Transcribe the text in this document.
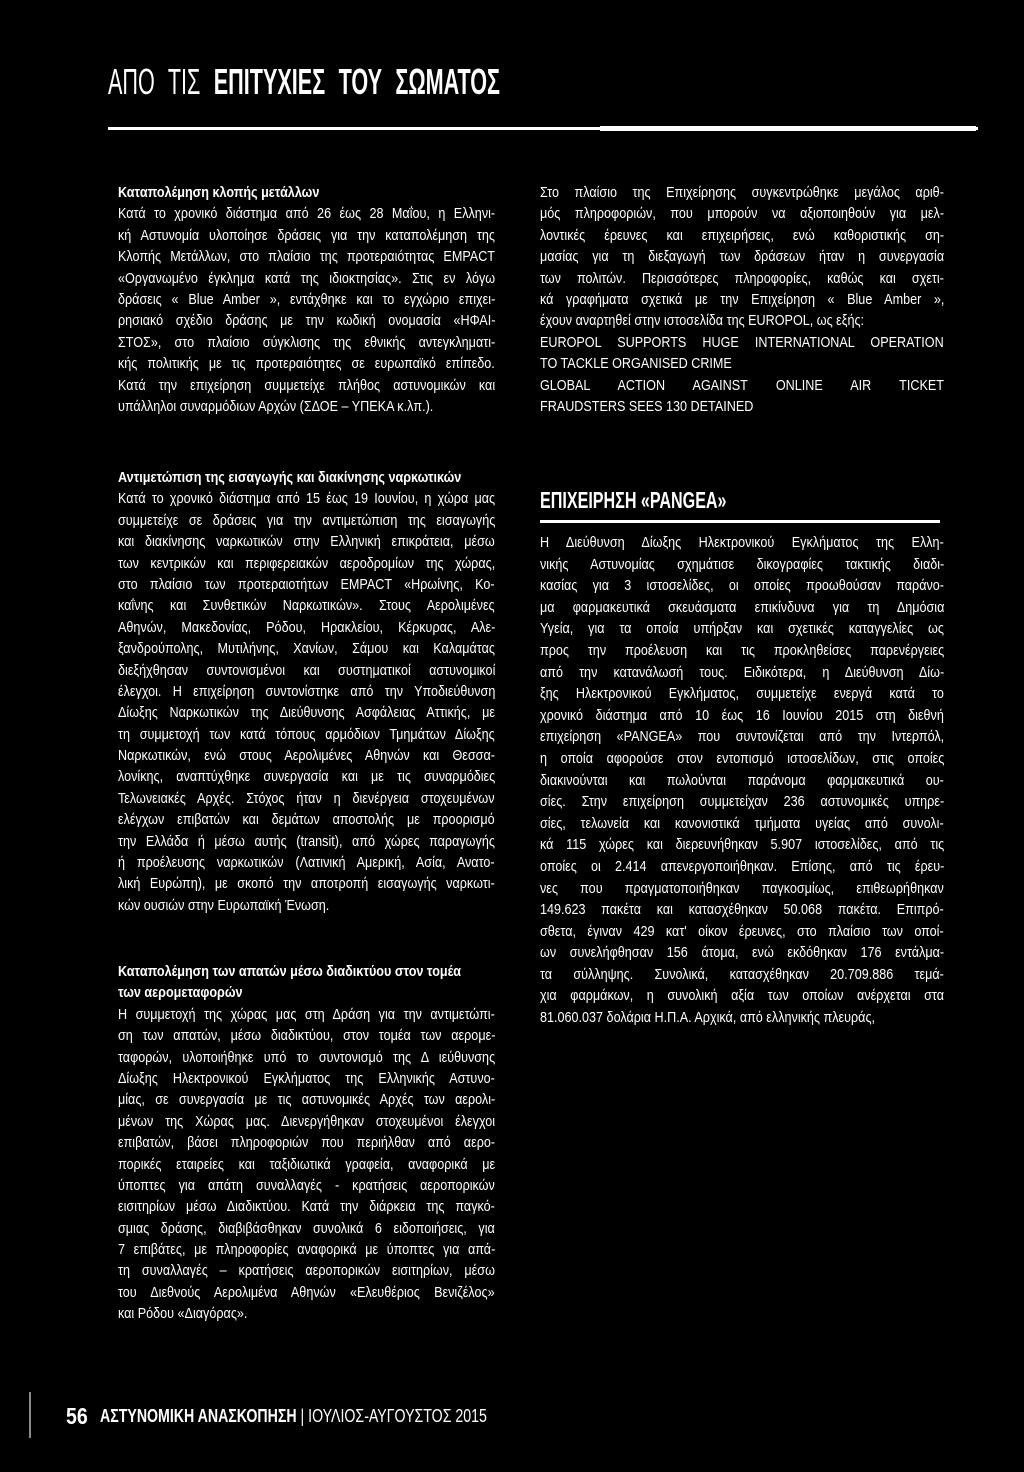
ΑΠΟ ΤΙΣ ΕΠΙΤΥΧΙΕΣ ΤΟΥ ΣΩΜΑΤΟΣ
Καταπολέμηση κλοπής μετάλλων
Κατά το χρονικό διάστημα από 26 έως 28 Μαΐου, η Ελληνι-
κή Αστυνομία υλοποίησε δράσεις για την καταπολέμηση της
Κλοπής Μετάλλων, στο πλαίσιο της προτεραιότητας EMPACT
«Οργανωμένο έγκλημα κατά της ιδιοκτησίας». Στις εν λόγω
δράσεις « Blue Amber », εντάχθηκε και το εγχώριο επιχει-
ρησιακό σχέδιο δράσης με την κωδική ονομασία «ΗΦΑΙ-
ΣΤΟΣ», στο πλαίσιο σύγκλισης της εθνικής αντεγκληματι-
κής πολιτικής με τις προτεραιότητες σε ευρωπαϊκό επίπεδο.
Κατά την επιχείρηση συμμετείχε πλήθος αστυνομικών και
υπάλληλοι συναρμόδιων Αρχών (ΣΔΟΕ – ΥΠΕΚΑ κ.λπ.).
Αντιμετώπιση της εισαγωγής και διακίνησης ναρκωτικών
Κατά το χρονικό διάστημα από 15 έως 19 Ιουνίου, η χώρα μας
συμμετείχε σε δράσεις για την αντιμετώπιση της εισαγωγής
και διακίνησης ναρκωτικών στην Ελληνική επικράτεια, μέσω
των κεντρικών και περιφερειακών αεροδρομίων της χώρας,
στο πλαίσιο των προτεραιοτήτων EMPACT «Ηρωίνης, Κο-
καΐνης και Συνθετικών Ναρκωτικών». Στους Αερολιμένες
Αθηνών, Μακεδονίας, Ρόδου, Ηρακλείου, Κέρκυρας, Αλε-
ξανδρούπολης, Μυτιλήνης, Χανίων, Σάμου και Καλαμάτας
διεξήχθησαν συντονισμένοι και συστηματικοί αστυνομικοί
έλεγχοι. Η επιχείρηση συντονίστηκε από την Υποδιεύθυνση
Δίωξης Ναρκωτικών της Διεύθυνσης Ασφάλειας Αττικής, με
τη συμμετοχή των κατά τόπους αρμόδιων Τμημάτων Δίωξης
Ναρκωτικών, ενώ στους Αερολιμένες Αθηνών και Θεσσα-
λονίκης, αναπτύχθηκε συνεργασία και με τις συναρμόδιες
Τελωνειακές Αρχές. Στόχος ήταν η διενέργεια στοχευμένων
ελέγχων επιβατών και δεμάτων αποστολής με προορισμό
την Ελλάδα ή μέσω αυτής (transit), από χώρες παραγωγής
ή προέλευσης ναρκωτικών (Λατινική Αμερική, Ασία, Ανατο-
λική Ευρώπη), με σκοπό την αποτροπή εισαγωγής ναρκωτι-
κών ουσιών στην Ευρωπαϊκή Ένωση.
Καταπολέμηση των απατών μέσω διαδικτύου στον τομέα
των αερομεταφορών
Η συμμετοχή της χώρας μας στη Δράση για την αντιμετώπι-
ση των απατών, μέσω διαδικτύου, στον τομέα των αερομε-
ταφορών, υλοποιήθηκε υπό το συντονισμό της Δ ιεύθυνσης
Δίωξης Ηλεκτρονικού Εγκλήματος της Ελληνικής Αστυνο-
μίας, σε συνεργασία με τις αστυνομικές Αρχές των αερολι-
μένων της Χώρας μας. Διενεργήθηκαν στοχευμένοι έλεγχοι
επιβατών, βάσει πληροφοριών που περιήλθαν από αερο-
πορικές εταιρείες και ταξιδιωτικά γραφεία, αναφορικά με
ύποπτες για απάτη συναλλαγές - κρατήσεις αεροπορικών
εισιτηρίων μέσω Διαδικτύου. Κατά την διάρκεια της παγκό-
σμιας δράσης, διαβιβάσθηκαν συνολικά 6 ειδοποιήσεις, για
7 επιβάτες, με πληροφορίες αναφορικά με ύποπτες για απά-
τη συναλλαγές – κρατήσεις αεροπορικών εισιτηρίων, μέσω
του Διεθνούς Αερολιμένα Αθηνών «Ελευθέριος Βενιζέλος»
και Ρόδου «Διαγόρας».
Στο πλαίσιο της Επιχείρησης συγκεντρώθηκε μεγάλος αριθ-
μός πληροφοριών, που μπορούν να αξιοποιηθούν για μελ-
λοντικές έρευνες και επιχειρήσεις, ενώ καθοριστικής ση-
μασίας για τη διεξαγωγή των δράσεων ήταν η συνεργασία
των πολιτών. Περισσότερες πληροφορίες, καθώς και σχετι-
κά γραφήματα σχετικά με την Επιχείρηση « Blue Amber »,
έχουν αναρτηθεί στην ιστοσελίδα της EUROPOL, ως εξής:
EUROPOL SUPPORTS HUGE INTERNATIONAL OPERATION
TO TACKLE ORGANISED CRIME
GLOBAL ACTION AGAINST ONLINE AIR TICKET
FRAUDSTERS SEES 130 DETAINED
ΕΠΙΧΕΙΡΗΣΗ «PANGEA»
Η Διεύθυνση Δίωξης Ηλεκτρονικού Εγκλήματος της Ελλη-
νικής Αστυνομίας σχημάτισε δικογραφίες τακτικής διαδι-
κασίας για 3 ιστοσελίδες, οι οποίες προωθούσαν παράνο-
μα φαρμακευτικά σκευάσματα επικίνδυνα για τη Δημόσια
Υγεία, για τα οποία υπήρξαν και σχετικές καταγγελίες ως
προς την προέλευση και τις προκληθείσες παρενέργειες
από την κατανάλωσή τους. Ειδικότερα, η Διεύθυνση Δίω-
ξης Ηλεκτρονικού Εγκλήματος, συμμετείχε ενεργά κατά το
χρονικό διάστημα από 10 έως 16 Ιουνίου 2015 στη διεθνή
επιχείρηση «PANGEA» που συντονίζεται από την Ιντερπόλ,
η οποία αφορούσε στον εντοπισμό ιστοσελίδων, στις οποίες
διακινούνται και πωλούνται παράνομα φαρμακευτικά ου-
σίες. Στην επιχείρηση συμμετείχαν 236 αστυνομικές υπηρε-
σίες, τελωνεία και κανονιστικά τμήματα υγείας από συνολι-
κά 115 χώρες και διερευνήθηκαν 5.907 ιστοσελίδες, από τις
οποίες οι 2.414 απενεργοποιήθηκαν. Επίσης, από τις έρευ-
νες που πραγματοποιήθηκαν παγκοσμίως, επιθεωρήθηκαν
149.623 πακέτα και κατασχέθηκαν 50.068 πακέτα. Επιπρό-
σθετα, έγιναν 429 κατ' οίκον έρευνες, στο πλαίσιο των οποί-
ων συνελήφθησαν 156 άτομα, ενώ εκδόθηκαν 176 εντάλμα-
τα σύλληψης. Συνολικά, κατασχέθηκαν 20.709.886 τεμά-
χια φαρμάκων, η συνολική αξία των οποίων ανέρχεται στα
81.060.037 δολάρια Η.Π.Α. Αρχικά, από ελληνικής πλευράς,
56 ΑΣΤΥΝΟΜΙΚΗ ΑΝΑΣΚΟΠΗΣΗ | ΙΟΥΛΙΟΣ-ΑΥΓΟΥΣΤΟΣ 2015
